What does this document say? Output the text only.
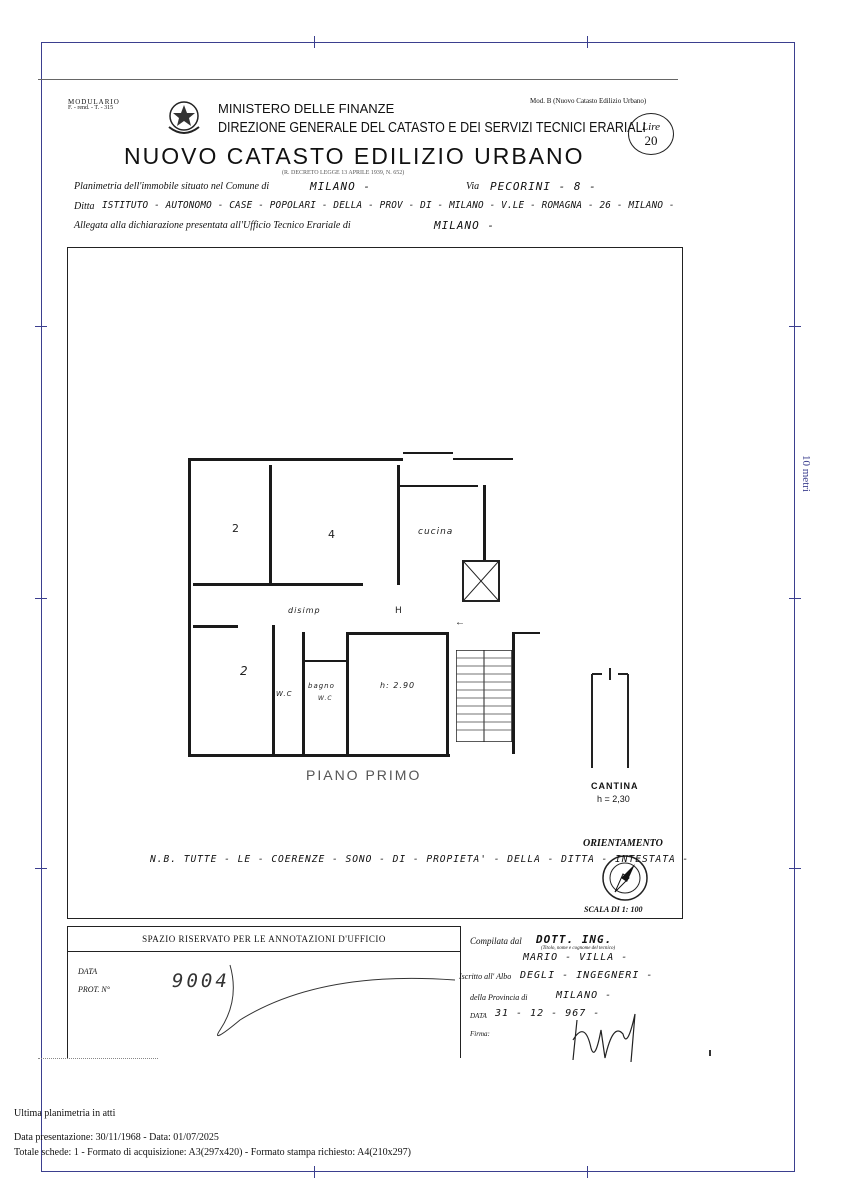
10 metri
MODULARIO
F. - rend. - T. - 315
Mod. B (Nuovo Catasto Edilizio Urbano)
MINISTERO DELLE FINANZE
DIREZIONE GENERALE DEL CATASTO E DEI SERVIZI TECNICI ERARIALI
NUOVO CATASTO EDILIZIO URBANO
Lire
20
(R. DECRETO LEGGE 13 APRILE 1939, N. 652)
Planimetria dell'immobile situato nel Comune di	MILANO -	Via PECORINI - 8 -
Ditta ISTITUTO - AUTONOMO - CASE - POPOLARI - DELLA - PROV - DI - MILANO - V.LE - ROMAGNA - 26 - MILANO -
Allegata alla dichiarazione presentata all'Ufficio Tecnico Erariale di	MILANO -
2	4	cucina
2
disimp	H
W.C
bagno
W.C
h: 2.90
←
PIANO PRIMO
CANTINA
h = 2,30
ORIENTAMENTO
SCALA DI 1: 100
N.B. TUTTE - LE - COERENZE - SONO - DI - PROPIETA' - DELLA - DITTA - INTESTATA -
SPAZIO RISERVATO PER LE ANNOTAZIONI D'UFFICIO
DATA
PROT. N°	9004
Compilata dal DOTT. ING.
(Titolo, nome e cognome del tecnico)
MARIO - VILLA -
Iscritto all' Albo DEGLI - INGEGNERI -
della Provincia di	MILANO -
DATA 31 - 12 - 967 -
Firma:
Ultima planimetria in atti
Data presentazione: 30/11/1968 - Data: 01/07/2025
Totale schede: 1 - Formato di acquisizione: A3(297x420) - Formato stampa richiesto: A4(210x297)
